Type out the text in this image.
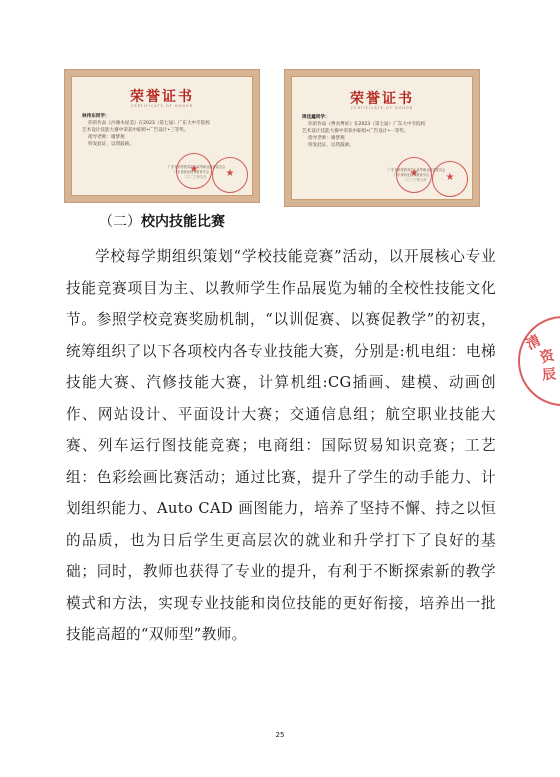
荣誉证书
CERTIFICATE OF HONOR
林伟东同学：
你的作品《沙滩木屋美》在2023（第七届）广东大中专院校
艺术设计技能大赛中荣获中职组•广告设计•三等奖。
指导老师：谢梦燕
特发此证，以资鼓励。
广东省高等教育学会高等职业教育委员会
广东省职业技术教育学会
二〇二三年九月
★
★
荣誉证书
CERTIFICATE OF HONOR
周佳鑫同学：
你的作品《粤食粤好》在2023（第七届）广东大中专院校
艺术设计技能大赛中荣获中职组•广告设计•一等奖。
指导老师：谢梦燕
特发此证，以资鼓励。
广东省高等教育学会高等职业教育委员会
广东省职业技术教育学会
二〇二三年九月
★
★
（二）校内技能比赛
学校每学期组织策划“学校技能竞赛”活动，以开展核心专业技能竞赛项目为主、以教师学生作品展览为辅的全校性技能文化节。参照学校竞赛奖励机制，“以训促赛、以赛促教学”的初衷，统筹组织了以下各项校内各专业技能大赛，分别是:机电组：电梯技能大赛、汽修技能大赛，计算机组:CG插画、建模、动画创作、网站设计、平面设计大赛；交通信息组；航空职业技能大赛、列车运行图技能竞赛；电商组：国际贸易知识竞赛；工艺组：色彩绘画比赛活动；通过比赛，提升了学生的动手能力、计划组织能力、Auto CAD 画图能力，培养了坚持不懈、持之以恒的品质，也为日后学生更高层次的就业和升学打下了良好的基础；同时，教师也获得了专业的提升，有利于不断探索新的教学模式和方法，实现专业技能和岗位技能的更好衔接，培养出一批技能高超的“双师型”教师。
清
资
辰
25
